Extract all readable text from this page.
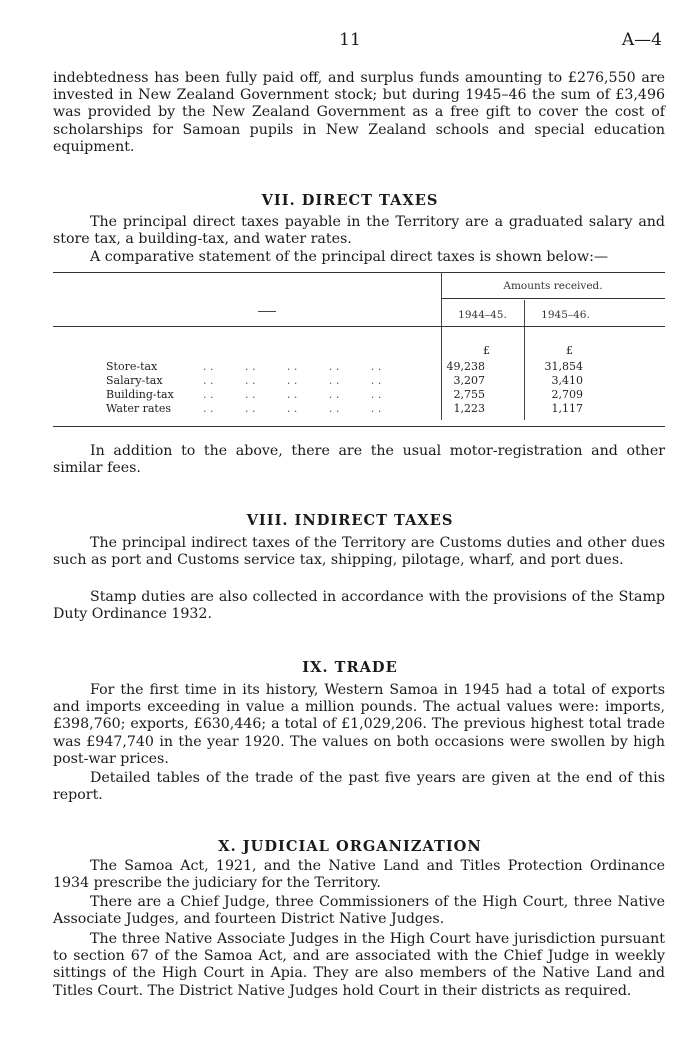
11	A—4

indebtedness has been fully paid off, and surplus funds amounting to £276,550 are invested in New Zealand Government stock; but during 1945–46 the sum of £3,496 was provided by the New Zealand Government as a free gift to cover the cost of scholarships for Samoan pupils in New Zealand schools and special education equipment.

VII. DIRECT TAXES

The principal direct taxes payable in the Territory are a graduated salary and store tax, a building-tax, and water rates.

A comparative statement of the principal direct taxes is shown below:—

Amounts received.
1944–45.	1945–46.
£	£
Store-tax	. .         . .         . .         . .         . .	49,238	31,854
Salary-tax	. .         . .         . .         . .         . .	3,207	3,410
Building-tax	. .         . .         . .         . .         . .	2,755	2,709
Water rates	. .         . .         . .         . .         . .	1,223	1,117

In addition to the above, there are the usual motor-registration and other similar fees.

VIII. INDIRECT TAXES

The principal indirect taxes of the Territory are Customs duties and other dues such as port and Customs service tax, shipping, pilotage, wharf, and port dues.

Stamp duties are also collected in accordance with the provisions of the Stamp Duty Ordinance 1932.

IX. TRADE

For the first time in its history, Western Samoa in 1945 had a total of exports and imports exceeding in value a million pounds. The actual values were: imports, £398,760; exports, £630,446; a total of £1,029,206. The previous highest total trade was £947,740 in the year 1920. The values on both occasions were swollen by high post-war prices.

Detailed tables of the trade of the past five years are given at the end of this report.

X. JUDICIAL ORGANIZATION

The Samoa Act, 1921, and the Native Land and Titles Protection Ordinance 1934 prescribe the judiciary for the Territory.

There are a Chief Judge, three Commissioners of the High Court, three Native Associate Judges, and fourteen District Native Judges.

The three Native Associate Judges in the High Court have jurisdiction pursuant to section 67 of the Samoa Act, and are associated with the Chief Judge in weekly sittings of the High Court in Apia. They are also members of the Native Land and Titles Court. The District Native Judges hold Court in their districts as required.
